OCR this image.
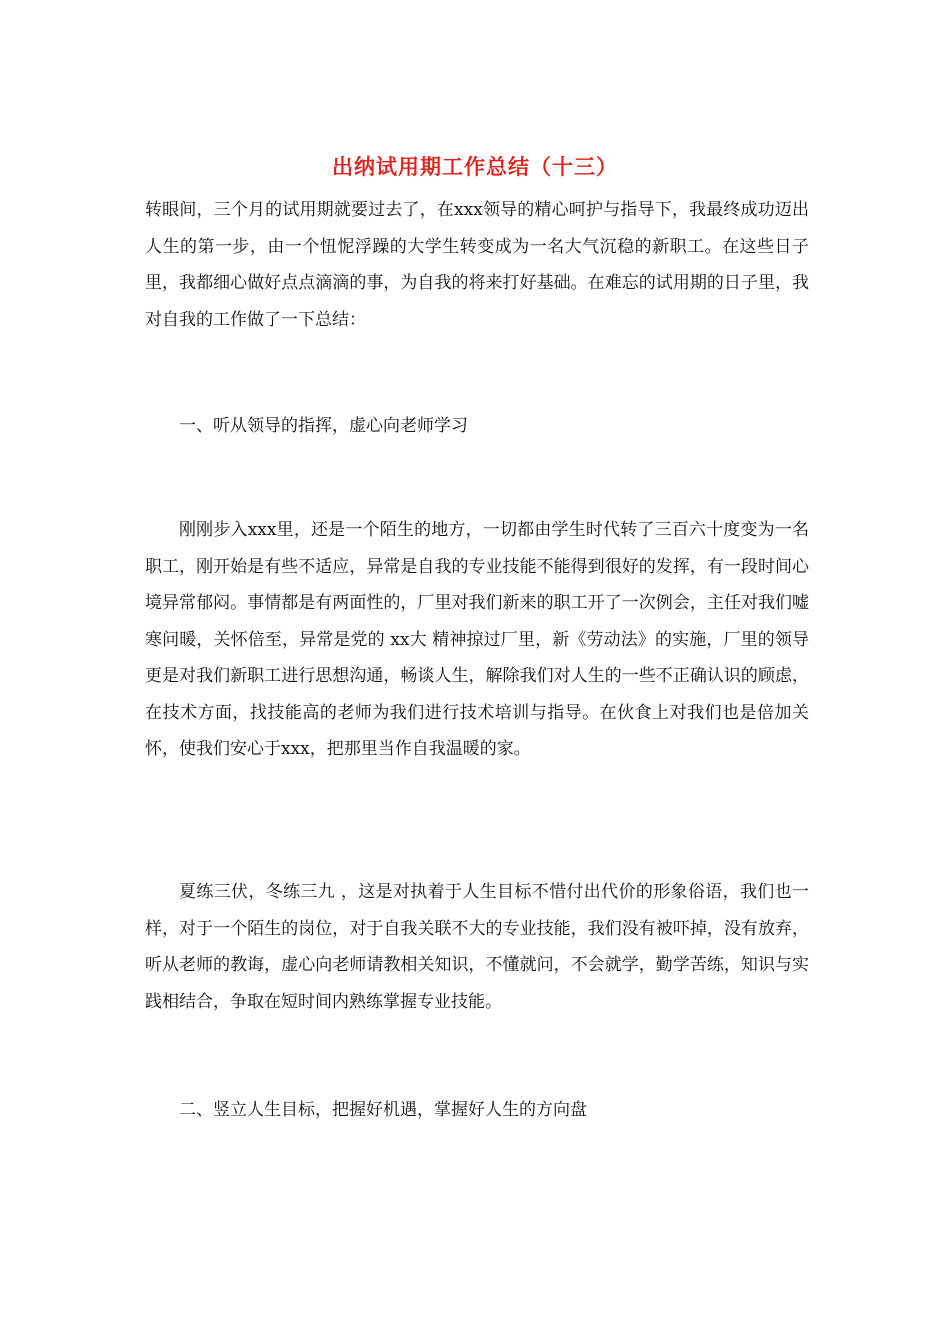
出纳试用期工作总结（十三）

转眼间，三个月的试用期就要过去了，在xxx领导的精心呵护与指导下，我最终成功迈出人生的第一步，由一个忸怩浮躁的大学生转变成为一名大气沉稳的新职工。在这些日子里，我都细心做好点点滴滴的事，为自我的将来打好基础。在难忘的试用期的日子里，我对自我的工作做了一下总结：

一、听从领导的指挥，虚心向老师学习

刚刚步入xxx里，还是一个陌生的地方，一切都由学生时代转了三百六十度变为一名职工，刚开始是有些不适应，异常是自我的专业技能不能得到很好的发挥，有一段时间心境异常郁闷。事情都是有两面性的，厂里对我们新来的职工开了一次例会，主任对我们嘘寒问暖，关怀倍至，异常是党的 xx大 精神掠过厂里，新《劳动法》的实施，厂里的领导更是对我们新职工进行思想沟通，畅谈人生，解除我们对人生的一些不正确认识的顾虑，在技术方面，找技能高的老师为我们进行技术培训与指导。在伙食上对我们也是倍加关怀，使我们安心于xxx，把那里当作自我温暖的家。

夏练三伏，冬练三九 ，这是对执着于人生目标不惜付出代价的形象俗语，我们也一样，对于一个陌生的岗位，对于自我关联不大的专业技能，我们没有被吓掉，没有放弃，听从老师的教诲，虚心向老师请教相关知识，不懂就问，不会就学，勤学苦练，知识与实践相结合，争取在短时间内熟练掌握专业技能。

二、竖立人生目标，把握好机遇，掌握好人生的方向盘
